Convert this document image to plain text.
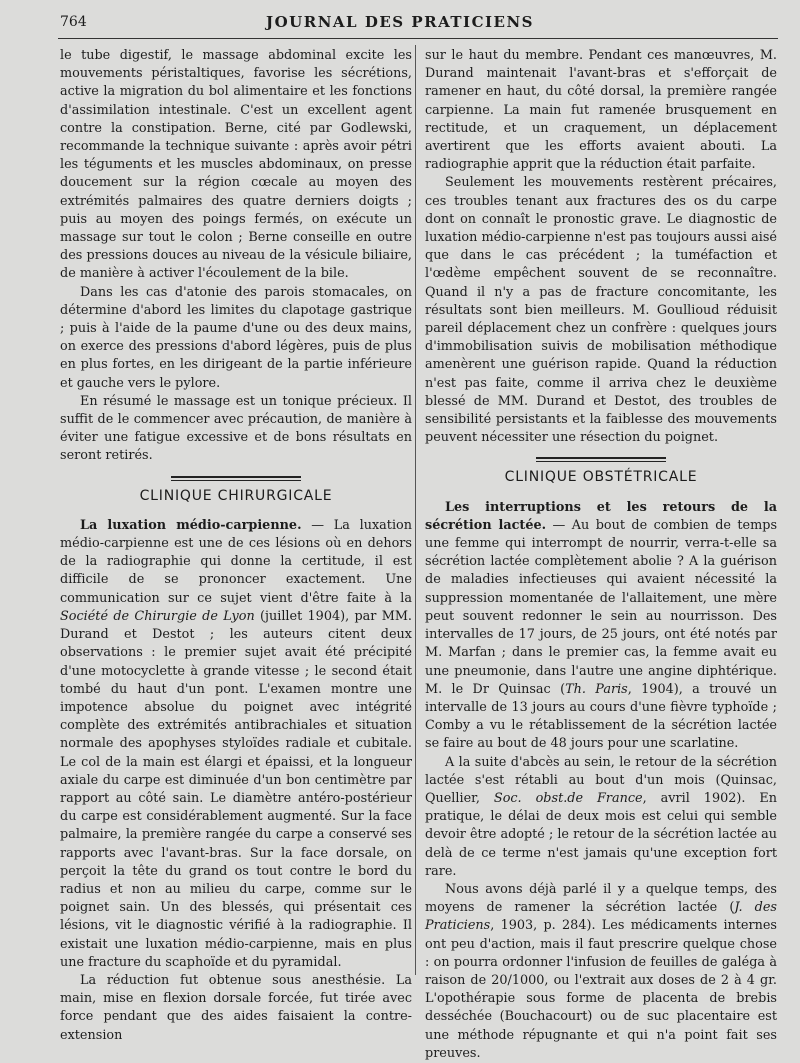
764	JOURNAL DES PRATICIENS

le tube digestif, le massage abdominal excite les mouvements péristaltiques, favorise les sécrétions, active la migration du bol alimentaire et les fonctions d'assimilation intestinale. C'est un excellent agent contre la constipation. Berne, cité par Godlewski, recommande la technique suivante : après avoir pétri les téguments et les muscles abdominaux, on presse doucement sur la région cœcale au moyen des extrémités palmaires des quatre derniers doigts ; puis au moyen des poings fermés, on exécute un massage sur tout le colon ; Berne conseille en outre des pressions douces au niveau de la vésicule biliaire, de manière à activer l'écoulement de la bile.

Dans les cas d'atonie des parois stomacales, on détermine d'abord les limites du clapotage gastrique ; puis à l'aide de la paume d'une ou des deux mains, on exerce des pressions d'abord légères, puis de plus en plus fortes, en les dirigeant de la partie inférieure et gauche vers le pylore.

En résumé le massage est un tonique précieux. Il suffit de le commencer avec précaution, de manière à éviter une fatigue excessive et de bons résultats en seront retirés.

CLINIQUE CHIRURGICALE

La luxation médio-carpienne. — La luxation médio-carpienne est une de ces lésions où en dehors de la radiographie qui donne la certitude, il est difficile de se prononcer exactement. Une communication sur ce sujet vient d'être faite à la Société de Chirurgie de Lyon (juillet 1904), par MM. Durand et Destot ; les auteurs citent deux observations : le premier sujet avait été précipité d'une motocyclette à grande vitesse ; le second était tombé du haut d'un pont. L'examen montre une impotence absolue du poignet avec intégrité complète des extrémités antibrachiales et situation normale des apophyses styloïdes radiale et cubitale. Le col de la main est élargi et épaissi, et la longueur axiale du carpe est diminuée d'un bon centimètre par rapport au côté sain. Le diamètre antéro-postérieur du carpe est considérablement augmenté. Sur la face palmaire, la première rangée du carpe a conservé ses rapports avec l'avant-bras. Sur la face dorsale, on perçoit la tête du grand os tout contre le bord du radius et non au milieu du carpe, comme sur le poignet sain. Un des blessés, qui présentait ces lésions, vit le diagnostic vérifié à la radiographie. Il existait une luxation médio-carpienne, mais en plus une fracture du scaphoïde et du pyramidal.

La réduction fut obtenue sous anesthésie. La main, mise en flexion dorsale forcée, fut tirée avec force pendant que des aides faisaient la contre-extension

sur le haut du membre. Pendant ces manœuvres, M. Durand maintenait l'avant-bras et s'efforçait de ramener en haut, du côté dorsal, la première rangée carpienne. La main fut ramenée brusquement en rectitude, et un craquement, un déplacement avertirent que les efforts avaient abouti. La radiographie apprit que la réduction était parfaite.

Seulement les mouvements restèrent précaires, ces troubles tenant aux fractures des os du carpe dont on connaît le pronostic grave. Le diagnostic de luxation médio-carpienne n'est pas toujours aussi aisé que dans le cas précédent ; la tuméfaction et l'œdème empêchent souvent de se reconnaître. Quand il n'y a pas de fracture concomitante, les résultats sont bien meilleurs. M. Goullioud réduisit pareil déplacement chez un confrère : quelques jours d'immobilisation suivis de mobilisation méthodique amenèrent une guérison rapide. Quand la réduction n'est pas faite, comme il arriva chez le deuxième blessé de MM. Durand et Destot, des troubles de sensibilité persistants et la faiblesse des mouvements peuvent nécessiter une résection du poignet.

CLINIQUE OBSTÉTRICALE

Les interruptions et les retours de la sécrétion lactée. — Au bout de combien de temps une femme qui interrompt de nourrir, verra-t-elle sa sécrétion lactée complètement abolie ? A la guérison de maladies infectieuses qui avaient nécessité la suppression momentanée de l'allaitement, une mère peut souvent redonner le sein au nourrisson. Des intervalles de 17 jours, de 25 jours, ont été notés par M. Marfan ; dans le premier cas, la femme avait eu une pneumonie, dans l'autre une angine diphtérique. M. le Dr Quinsac (Th. Paris, 1904), a trouvé un intervalle de 13 jours au cours d'une fièvre typhoïde ; Comby a vu le rétablissement de la sécrétion lactée se faire au bout de 48 jours pour une scarlatine.

A la suite d'abcès au sein, le retour de la sécrétion lactée s'est rétabli au bout d'un mois (Quinsac, Quellier, Soc. obst.de France, avril 1902). En pratique, le délai de deux mois est celui qui semble devoir être adopté ; le retour de la sécrétion lactée au delà de ce terme n'est jamais qu'une exception fort rare.

Nous avons déjà parlé il y a quelque temps, des moyens de ramener la sécrétion lactée (J. des Praticiens, 1903, p. 284). Les médicaments internes ont peu d'action, mais il faut prescrire quelque chose : on pourra ordonner l'infusion de feuilles de galéga à raison de 20/1000, ou l'extrait aux doses de 2 à 4 gr. L'opothérapie sous forme de placenta de brebis desséchée (Bouchacourt) ou de suc placentaire est une méthode répugnante et qui n'a point fait ses preuves.
